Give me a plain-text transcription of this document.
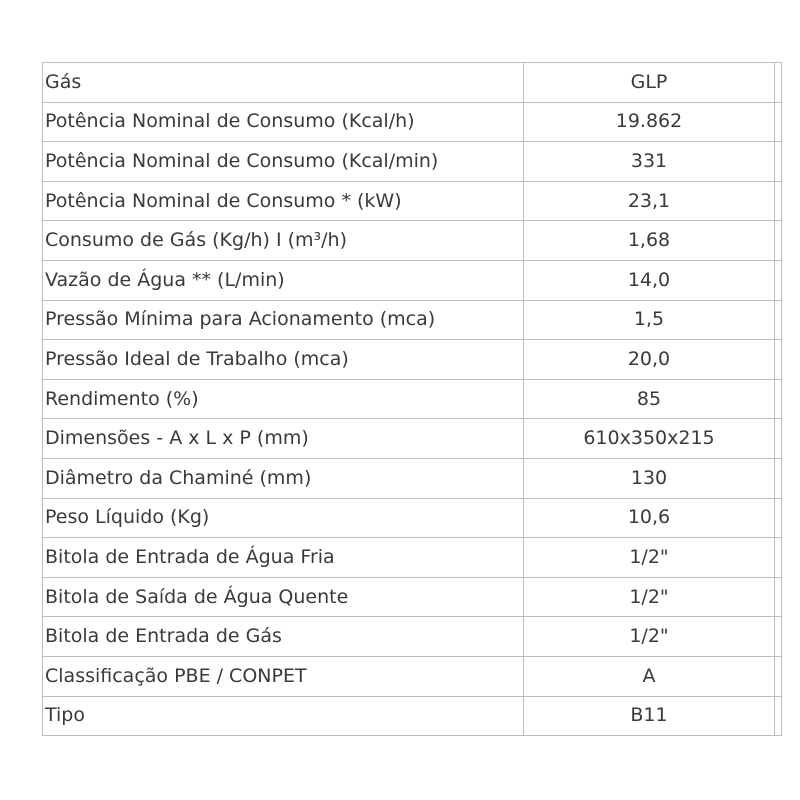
Gás	GLP	
Potência Nominal de Consumo (Kcal/h)	19.862	
Potência Nominal de Consumo (Kcal/min)	331	
Potência Nominal de Consumo * (kW)	23,1	
Consumo de Gás (Kg/h) I (m³/h)	1,68	
Vazão de Água ** (L/min)	14,0	
Pressão Mínima para Acionamento (mca)	1,5	
Pressão Ideal de Trabalho (mca)	20,0	
Rendimento (%)	85	
Dimensões - A x L x P (mm)	610x350x215	
Diâmetro da Chaminé (mm)	130	
Peso Líquido (Kg)	10,6	
Bitola de Entrada de Água Fria	1/2"	
Bitola de Saída de Água Quente	1/2"	
Bitola de Entrada de Gás	1/2"	
Classificação PBE / CONPET	A	
Tipo	B11	
